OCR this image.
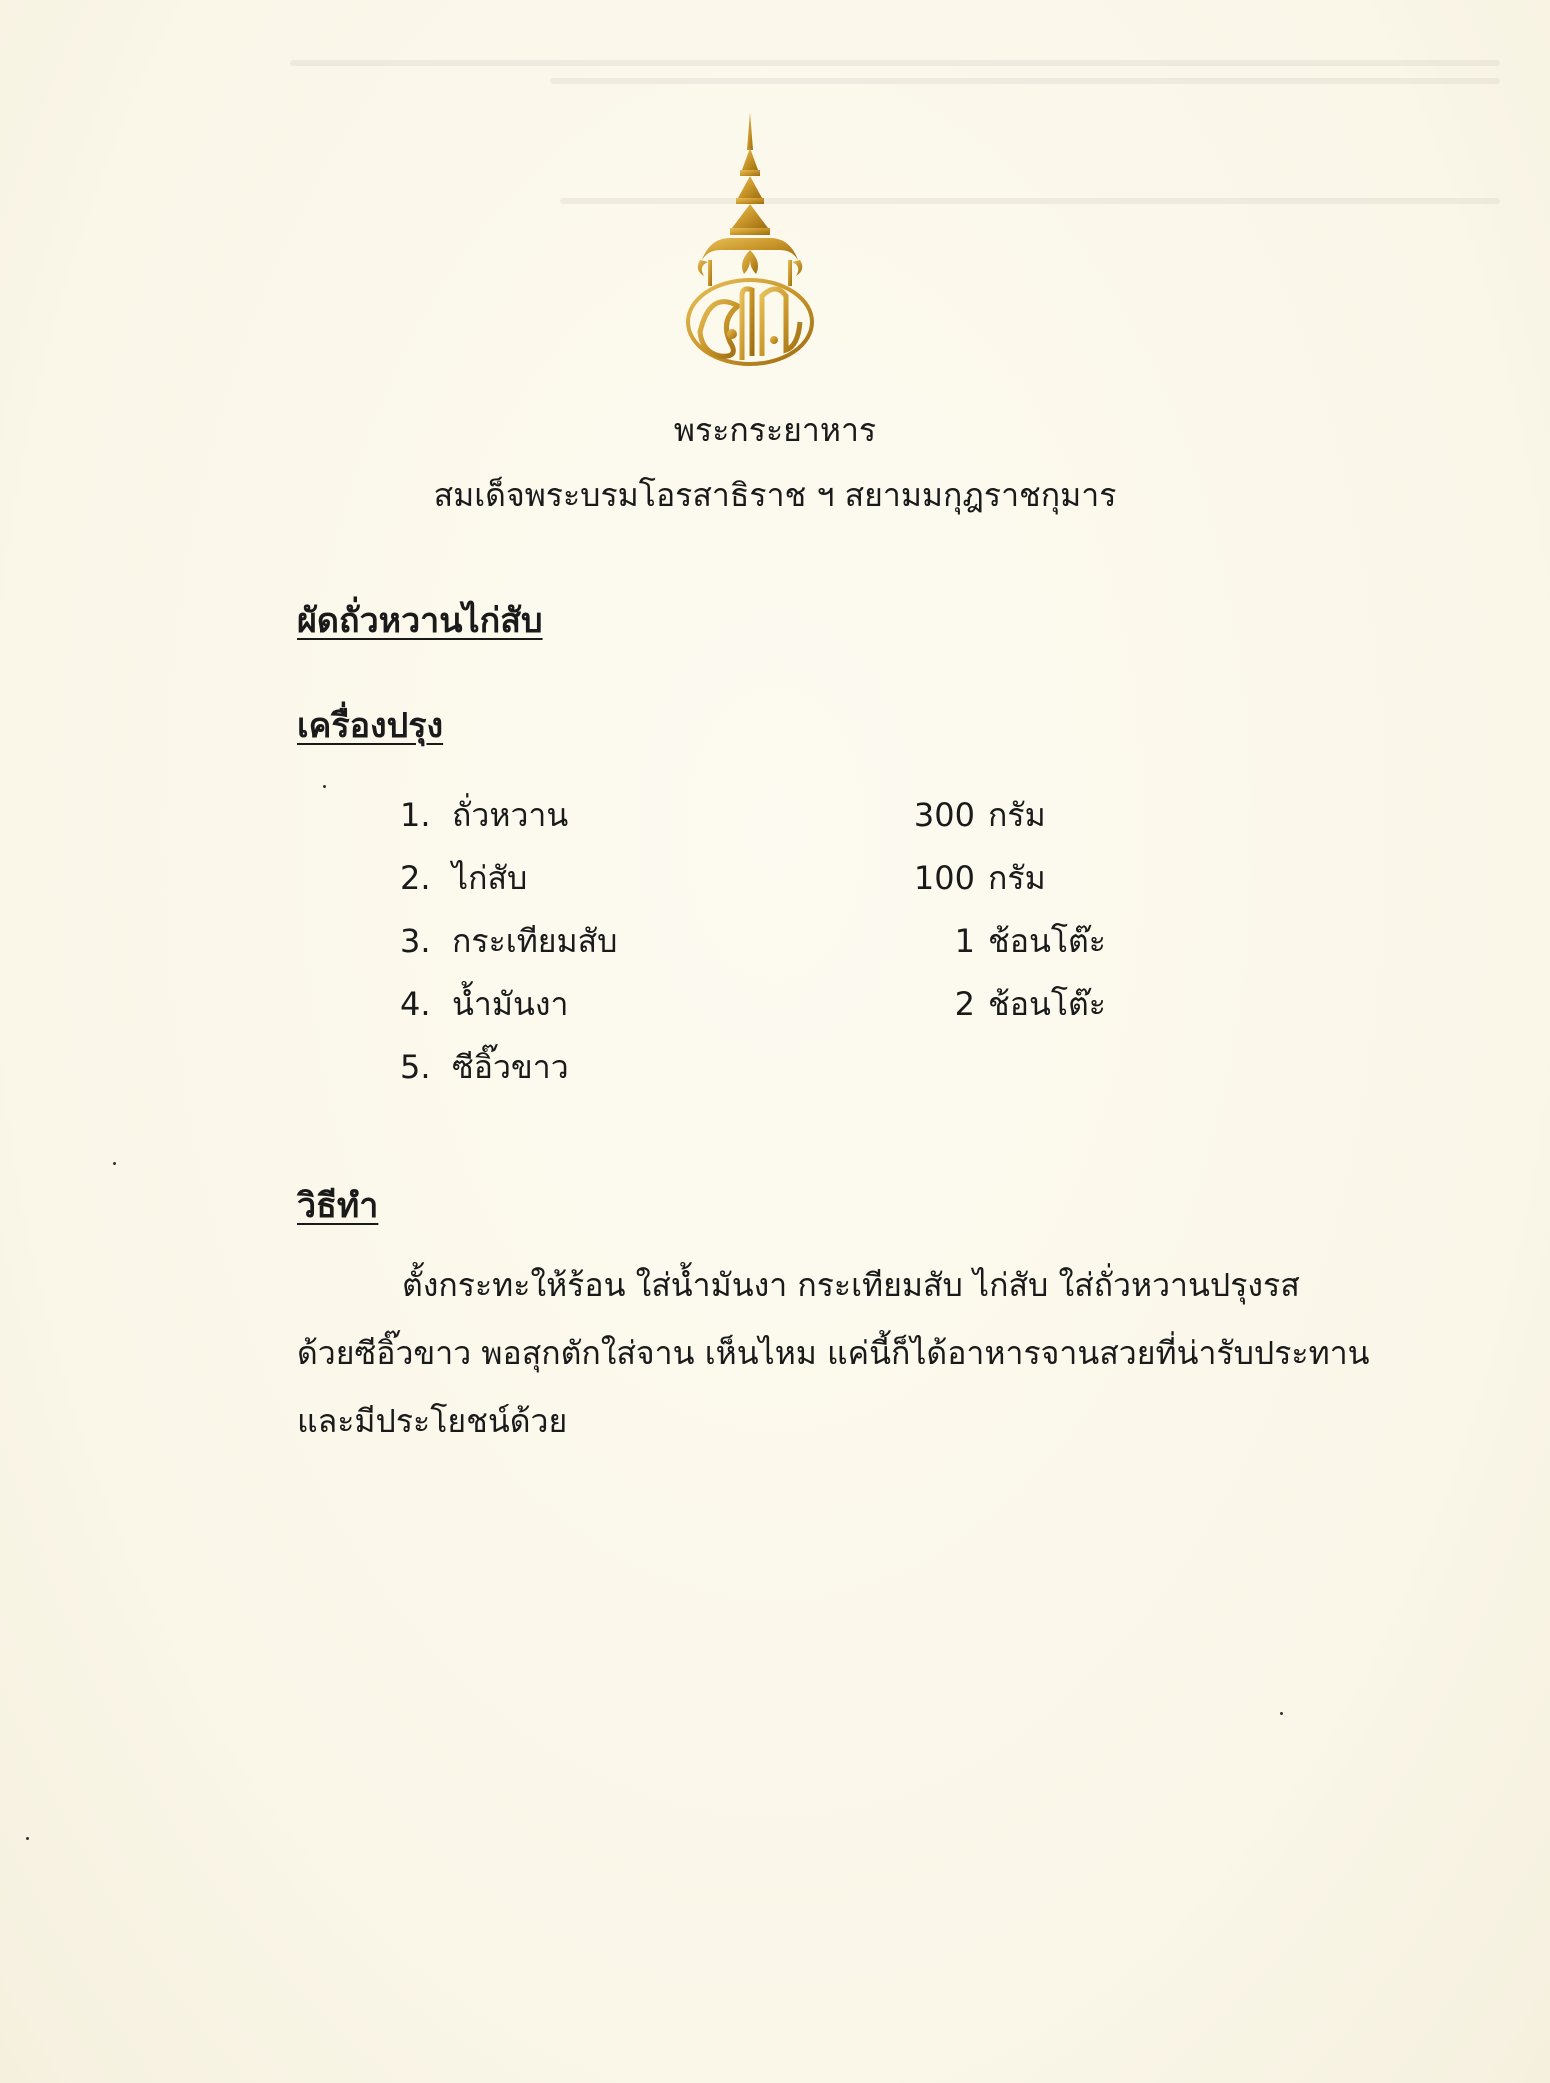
พระกระยาหาร
สมเด็จพระบรมโอรสาธิราช ฯ สยามมกุฎราชกุมาร
ผัดถั่วหวานไก่สับ
เครื่องปรุง
1. ถั่วหวาน	300 กรัม
2. ไก่สับ	100 กรัม
3. กระเทียมสับ	1 ช้อนโต๊ะ
4. น้ำมันงา	2 ช้อนโต๊ะ
5. ซีอิ๊วขาว
วิธีทำ
ตั้งกระทะให้ร้อน ใส่น้ำมันงา กระเทียมสับ ไก่สับ ใส่ถั่วหวานปรุงรส
ด้วยซีอิ๊วขาว พอสุกตักใส่จาน เห็นไหม แค่นี้ก็ได้อาหารจานสวยที่น่ารับประทาน
และมีประโยชน์ด้วย
